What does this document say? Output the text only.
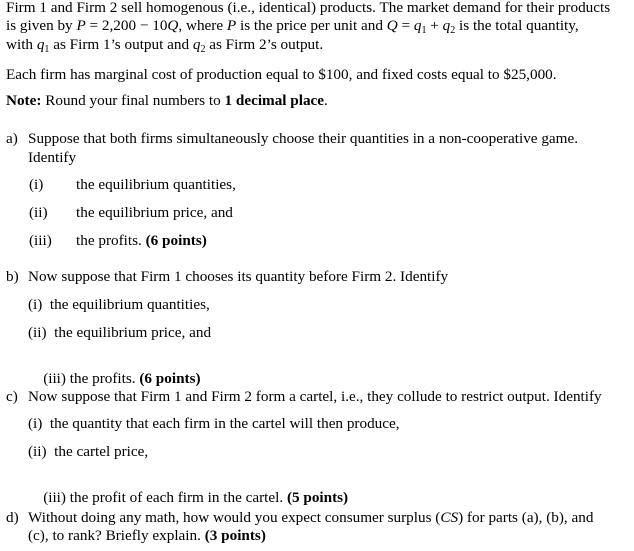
Firm 1 and Firm 2 sell homogenous (i.e., identical) products. The market demand for their products
is given by P = 2,200 − 10Q, where P is the price per unit and $Q = q_1 + q_2$ is the total quantity,
with $q_1$ as Firm 1’s output and $q_2$ as Firm 2’s output.
Each firm has marginal cost of production equal to $100, and fixed costs equal to $25,000.
Note: Round your final numbers to 1 decimal place.
a) Suppose that both firms simultaneously choose their quantities in a non-cooperative game.
Identify
(i) the equilibrium quantities,
(ii) the equilibrium price, and
(iii) the profits. (6 points)
b) Now suppose that Firm 1 chooses its quantity before Firm 2. Identify
(i)  the equilibrium quantities,
(ii)  the equilibrium price, and

(iii) the profits. (6 points)

c) Now suppose that Firm 1 and Firm 2 form a cartel, i.e., they collude to restrict output. Identify
(i)  the quantity that each firm in the cartel will then produce,
(ii)  the cartel price,

(iii) the profit of each firm in the cartel. (5 points)

d) Without doing any math, how would you expect consumer surplus (CS) for parts (a), (b), and
(c), to rank? Briefly explain. (3 points)
